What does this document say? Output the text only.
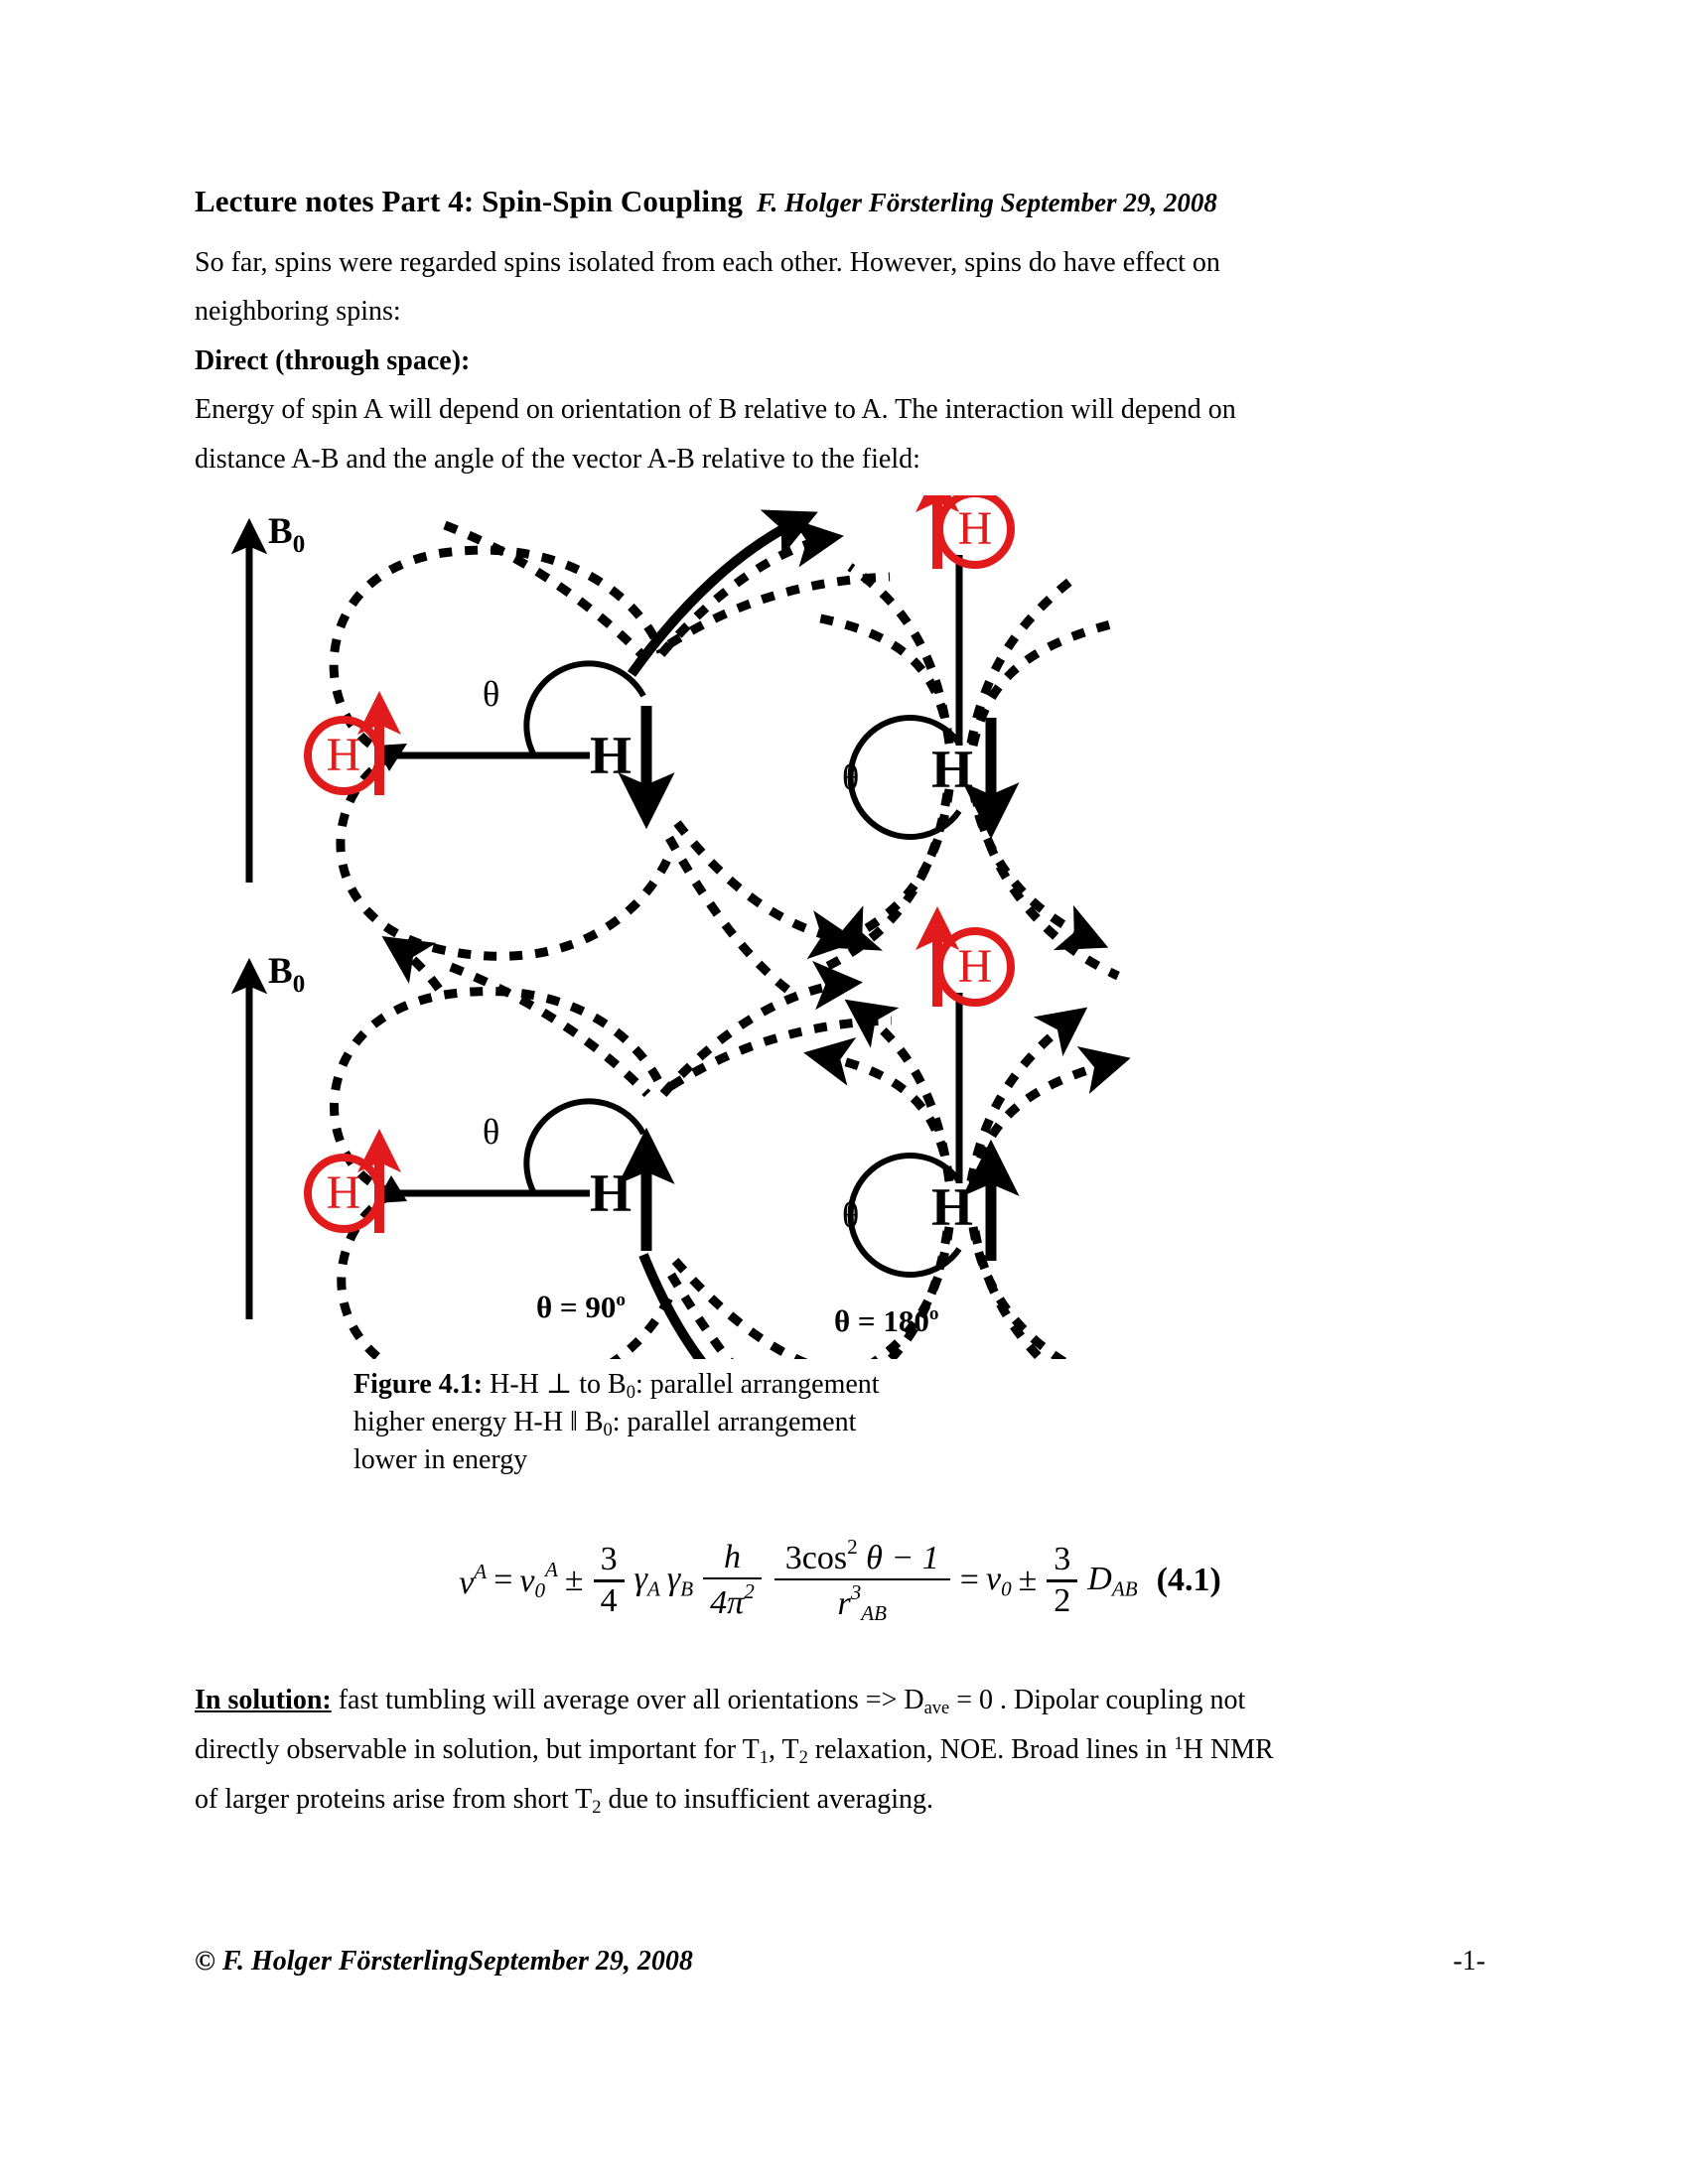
Lecture notes Part 4: Spin-Spin Coupling F. Holger Försterling September 29, 2008

So far, spins were regarded spins isolated from each other. However, spins do have effect on

neighboring spins:

Direct (through space):

Energy of spin A will depend on orientation of B relative to A. The interaction will depend on

distance A-B and the angle of the vector A-B relative to the field:

$B_0$
θ
H	H	θ
H
H
$B_0$
θ
H	H	θ
H
H
$\theta = 90^o$
$\theta = 180^o$
Figure 4.1: H-H ⊥ to $B_0$: parallel arrangement
higher energy H-H ‖ $B_0$: parallel arrangement
lower in energy
$\nu^A = \nu 0^A \pm \frac{3}{4}$ γA γB $\frac{h}{4\pi^2} \frac{3\cos^2 \theta - 1}{r^3AB} = \nu 0 \pm \frac{3}{2}$ DAB (4.1)

In solution: fast tumbling will average over all orientations => $D_{ave} = 0$ . Dipolar coupling not

directly observable in solution, but important for $T_1$, $T_2$ relaxation, NOE. Broad lines in $^1$H NMR

of larger proteins arise from short $T_2$ due to insufficient averaging.

© F. Holger FörsterlingSeptember 29, 2008	-1-
